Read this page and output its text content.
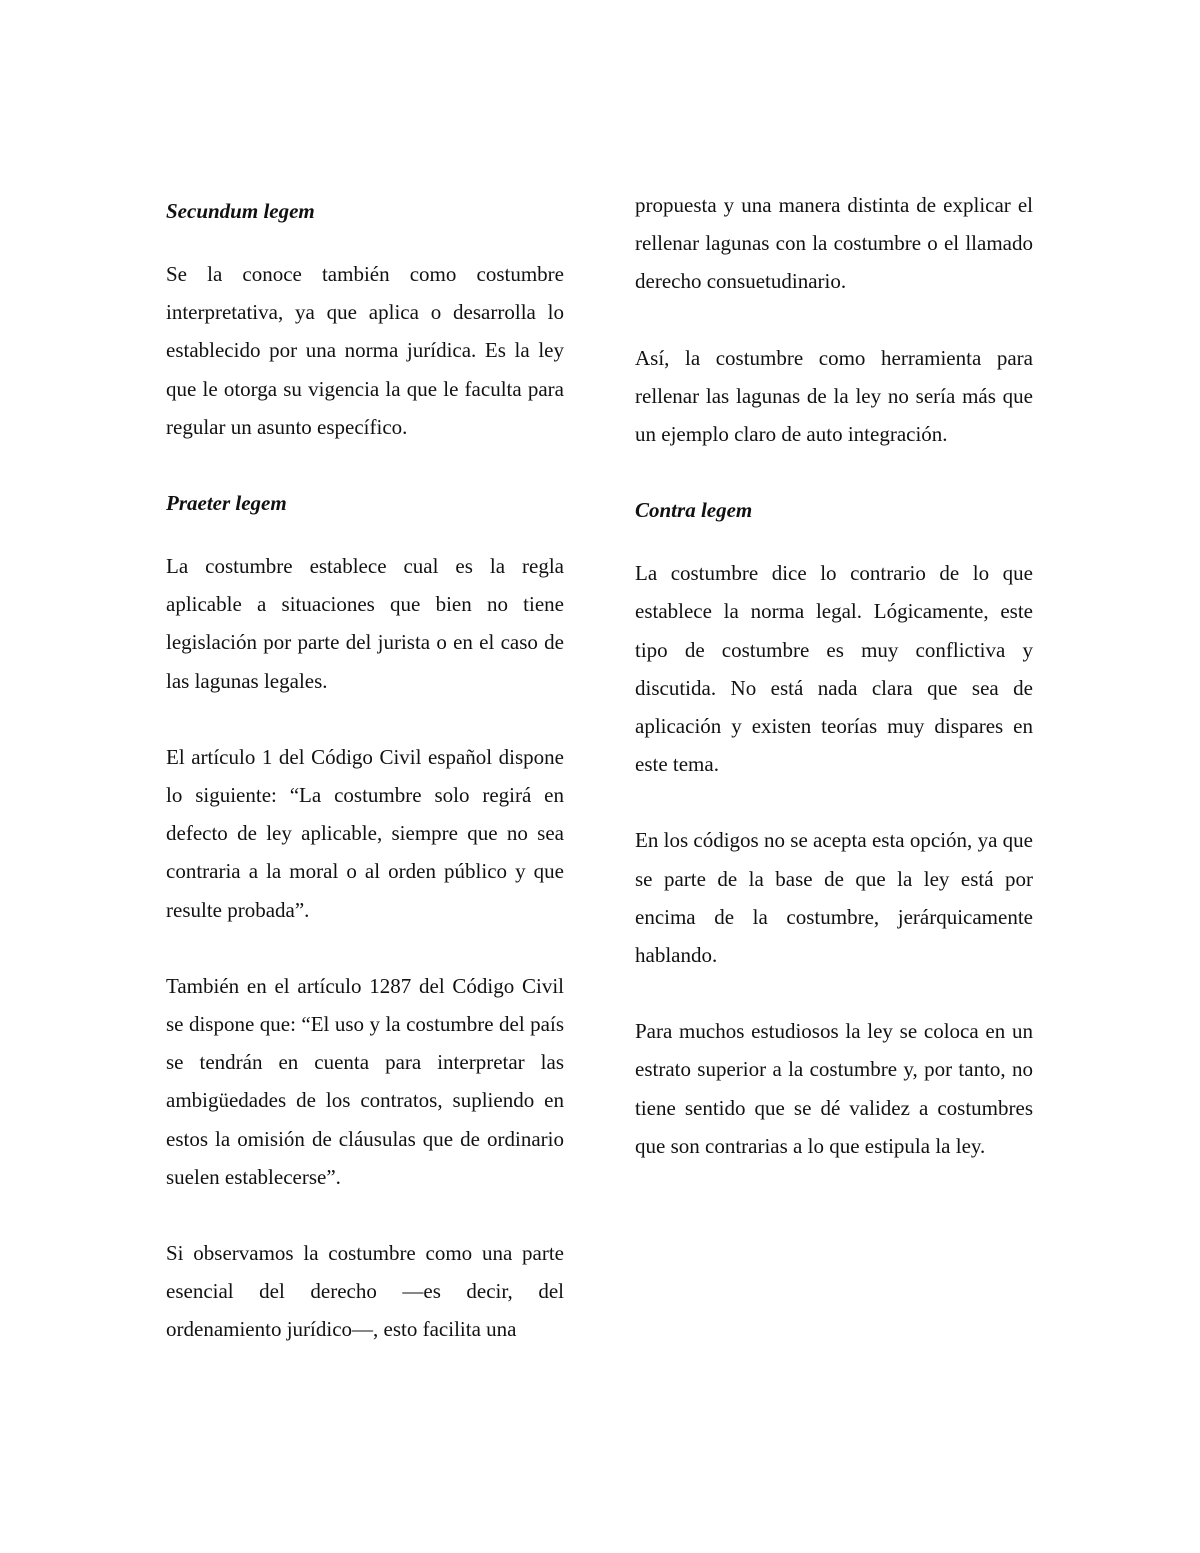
Secundum legem

Se la conoce también como costumbre interpretativa, ya que aplica o desarrolla lo establecido por una norma jurídica. Es la ley que le otorga su vigencia la que le faculta para regular un asunto específico.

Praeter legem

La costumbre establece cual es la regla aplicable a situaciones que bien no tiene legislación por parte del jurista o en el caso de las lagunas legales.

El artículo 1 del Código Civil español dispone lo siguiente: “La costumbre solo regirá en defecto de ley aplicable, siempre que no sea contraria a la moral o al orden público y que resulte probada”.

También en el artículo 1287 del Código Civil se dispone que: “El uso y la costumbre del país se tendrán en cuenta para interpretar las ambigüedades de los contratos, supliendo en estos la omisión de cláusulas que de ordinario suelen establecerse”.

Si observamos la costumbre como una parte esencial del derecho —es decir, del ordenamiento jurídico—, esto facilita una

propuesta y una manera distinta de explicar el rellenar lagunas con la costumbre o el llamado derecho consuetudinario.

Así, la costumbre como herramienta para rellenar las lagunas de la ley no sería más que un ejemplo claro de auto integración.

Contra legem

La costumbre dice lo contrario de lo que establece la norma legal. Lógicamente, este tipo de costumbre es muy conflictiva y discutida. No está nada clara que sea de aplicación y existen teorías muy dispares en este tema.

En los códigos no se acepta esta opción, ya que se parte de la base de que la ley está por encima de la costumbre, jerárquicamente hablando.

Para muchos estudiosos la ley se coloca en un estrato superior a la costumbre y, por tanto, no tiene sentido que se dé validez a costumbres que son contrarias a lo que estipula la ley.
